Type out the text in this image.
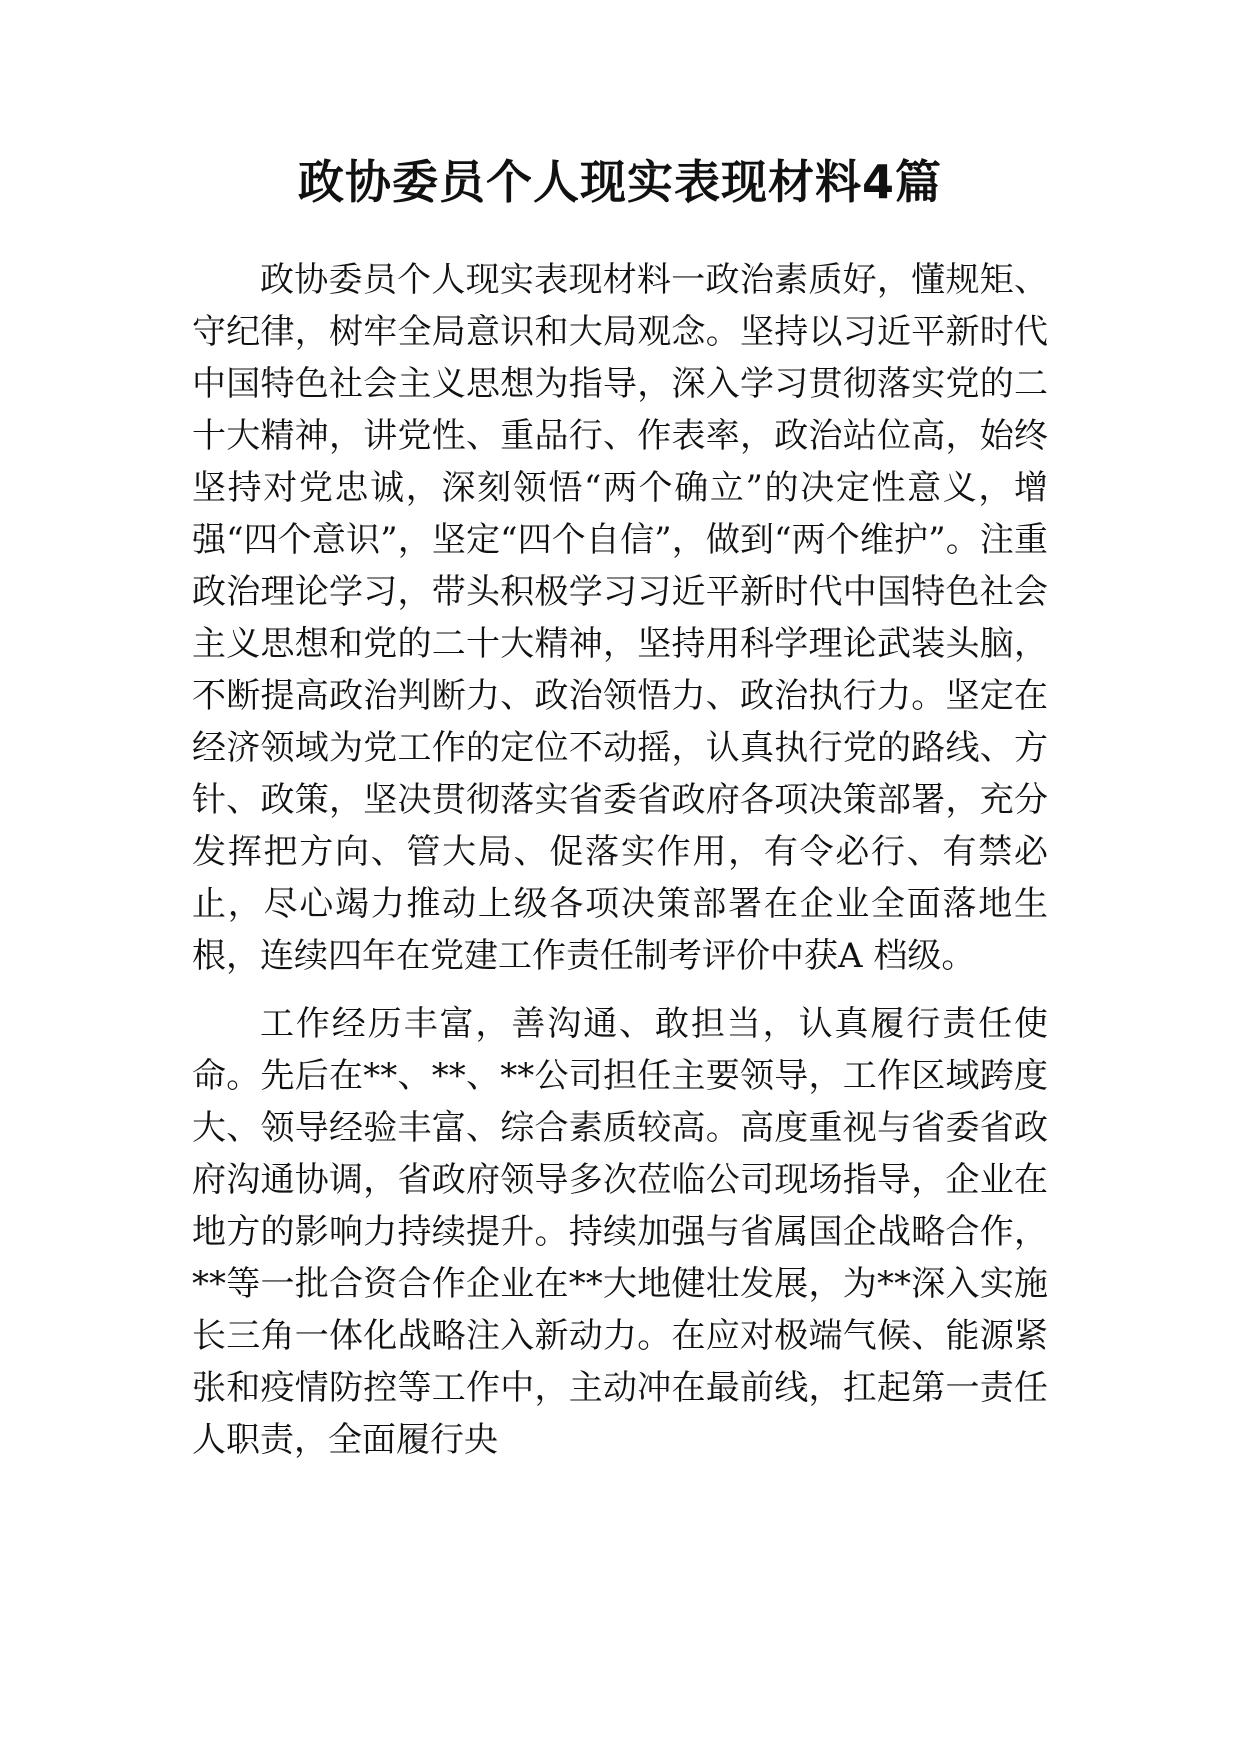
政协委员个人现实表现材料4篇

政协委员个人现实表现材料一政治素质好，懂规矩、守纪律，树牢全局意识和大局观念。坚持以习近平新时代中国特色社会主义思想为指导，深入学习贯彻落实党的二十大精神，讲党性、重品行、作表率，政治站位高，始终坚持对党忠诚，深刻领悟“两个确立”的决定性意义，增强“四个意识”，坚定“四个自信”，做到“两个维护”。注重政治理论学习，带头积极学习习近平新时代中国特色社会主义思想和党的二十大精神，坚持用科学理论武装头脑，不断提高政治判断力、政治领悟力、政治执行力。坚定在经济领域为党工作的定位不动摇，认真执行党的路线、方针、政策，坚决贯彻落实省委省政府各项决策部署，充分发挥把方向、管大局、促落实作用，有令必行、有禁必止，尽心竭力推动上级各项决策部署在企业全面落地生根，连续四年在党建工作责任制考评价中获A 档级。

工作经历丰富，善沟通、敢担当，认真履行责任使命。先后在**、**、**公司担任主要领导，工作区域跨度大、领导经验丰富、综合素质较高。高度重视与省委省政府沟通协调，省政府领导多次莅临公司现场指导，企业在地方的影响力持续提升。持续加强与省属国企战略合作，**等一批合资合作企业在**大地健壮发展，为**深入实施长三角一体化战略注入新动力。在应对极端气候、能源紧张和疫情防控等工作中，主动冲在最前线，扛起第一责任人职责，全面履行央
